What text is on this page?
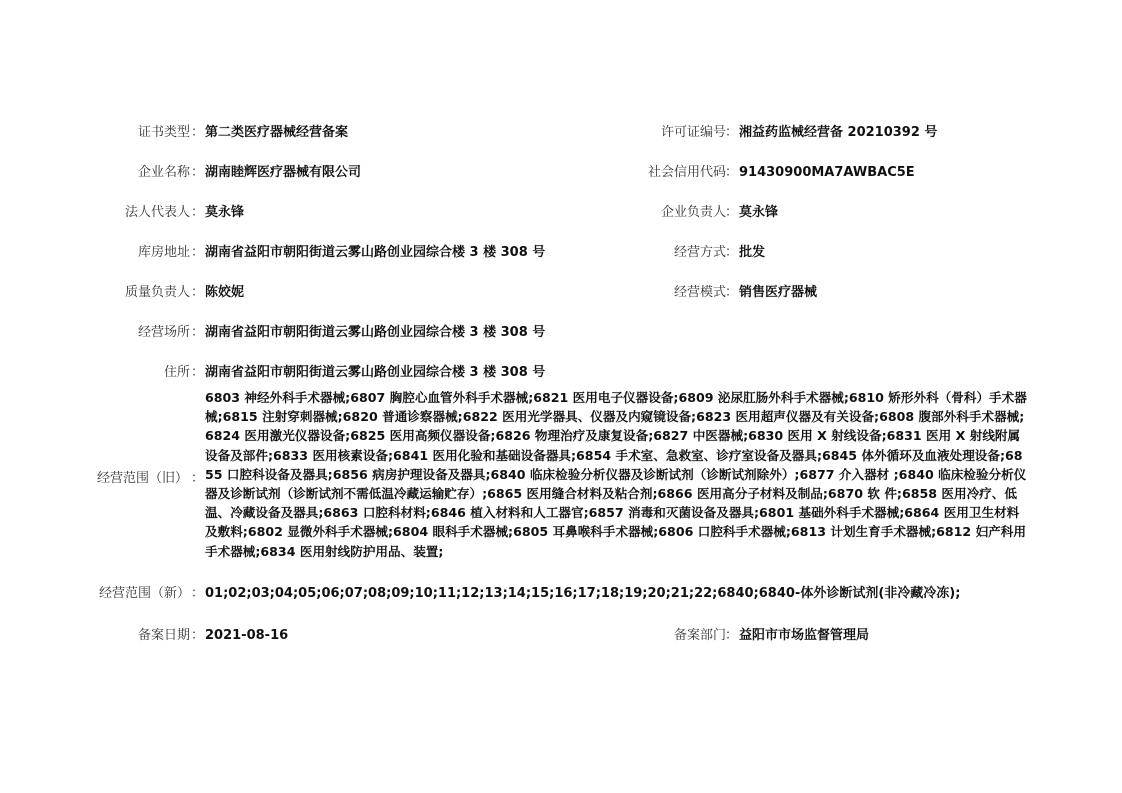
证书类型 ： 第二类医疗器械经营备案	许可证编号 ： 湘益药监械经营备 20210392 号
企业名称 ： 湖南睦辉医疗器械有限公司	社会信用代码 ： 91430900MA7AWBAC5E
法人代表人 ： 莫永锋	企业负责人 ： 莫永锋
库房地址 ： 湖南省益阳市朝阳街道云雾山路创业园综合楼 3 楼 308 号	经营方式 ： 批发
质量负责人 ： 陈姣妮	经营模式 ： 销售医疗器械
经营场所 ： 湖南省益阳市朝阳街道云雾山路创业园综合楼 3 楼 308 号
住所 ： 湖南省益阳市朝阳街道云雾山路创业园综合楼 3 楼 308 号
经营范围（旧） ：
6803 神经外科手术器械;6807 胸腔心血管外科手术器械;6821 医用电子仪器设备;6809 泌尿肛肠外科手术器械;6810 矫形外科（骨科）手术器械;6815 注射穿刺器械;6820 普通诊察器械;6822 医用光学器具、仪器及内窥镜设备;6823 医用超声仪器及有关设备;6808 腹部外科手术器械;6824 医用激光仪器设备;6825 医用高频仪器设备;6826 物理治疗及康复设备;6827 中医器械;6830 医用 X 射线设备;6831 医用 X 射线附属设备及部件;6833 医用核素设备;6841 医用化验和基础设备器具;6854 手术室、急救室、诊疗室设备及器具;6845 体外循环及血液处理设备;6855 口腔科设备及器具;6856 病房护理设备及器具;6840 临床检验分析仪器及诊断试剂（诊断试剂除外）;6877 介入器材 ;6840 临床检验分析仪器及诊断试剂（诊断试剂不需低温冷藏运输贮存）;6865 医用缝合材料及粘合剂;6866 医用高分子材料及制品;6870 软 件;6858 医用冷疗、低温、冷藏设备及器具;6863 口腔科材料;6846 植入材料和人工器官;6857 消毒和灭菌设备及器具;6801 基础外科手术器械;6864 医用卫生材料及敷料;6802 显微外科手术器械;6804 眼科手术器械;6805 耳鼻喉科手术器械;6806 口腔科手术器械;6813 计划生育手术器械;6812 妇产科用手术器械;6834 医用射线防护用品、装置;
经营范围（新） ： 01;02;03;04;05;06;07;08;09;10;11;12;13;14;15;16;17;18;19;20;21;22;6840;6840-体外诊断试剂(非冷藏冷冻);
备案日期 ： 2021-08-16	备案部门 ： 益阳市市场监督管理局
